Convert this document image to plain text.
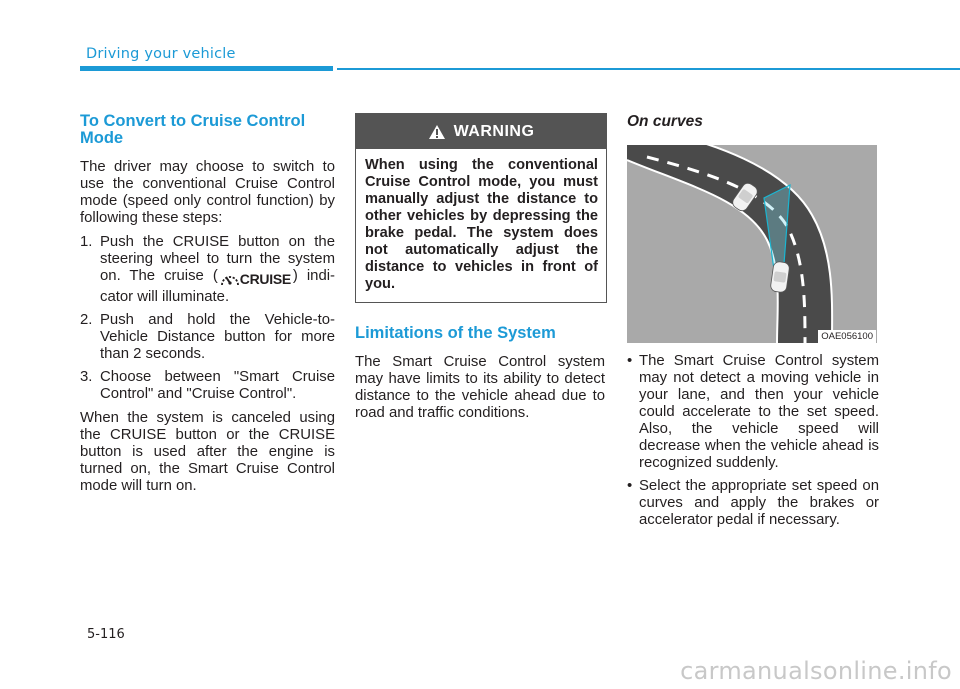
Driving your vehicle
To Convert to Cruise Control Mode

The driver may choose to switch to use the conventional Cruise Control mode (speed only control function) by following these steps:

1. Push the CRUISE button on the steering wheel to turn the system on. The cruise ( CRUISE ) indi- cator will illuminate.
2. Push and hold the Vehicle-to- Vehicle Distance button for more than 2 seconds.
3. Choose between "Smart Cruise Control" and "Cruise Control".

When the system is canceled using the CRUISE button or the CRUISE button is used after the engine is turned on, the Smart Cruise Control mode will turn on.

WARNING
When using the conventional Cruise Control mode, you must manually adjust the distance to other vehicles by depressing the brake pedal. The system does not automatically adjust the distance to vehicles in front of you.
Limitations of the System

The Smart Cruise Control system may have limits to its ability to detect distance to the vehicle ahead due to road and traffic conditions.

On curves
OAE056100
• The Smart Cruise Control system may not detect a moving vehicle in your lane, and then your vehicle could accelerate to the set speed. Also, the vehicle speed will decrease when the vehicle ahead is recognized suddenly.
• Select the appropriate set speed on curves and apply the brakes or accelerator pedal if necessary.
5-116
carmanualsonline.info
